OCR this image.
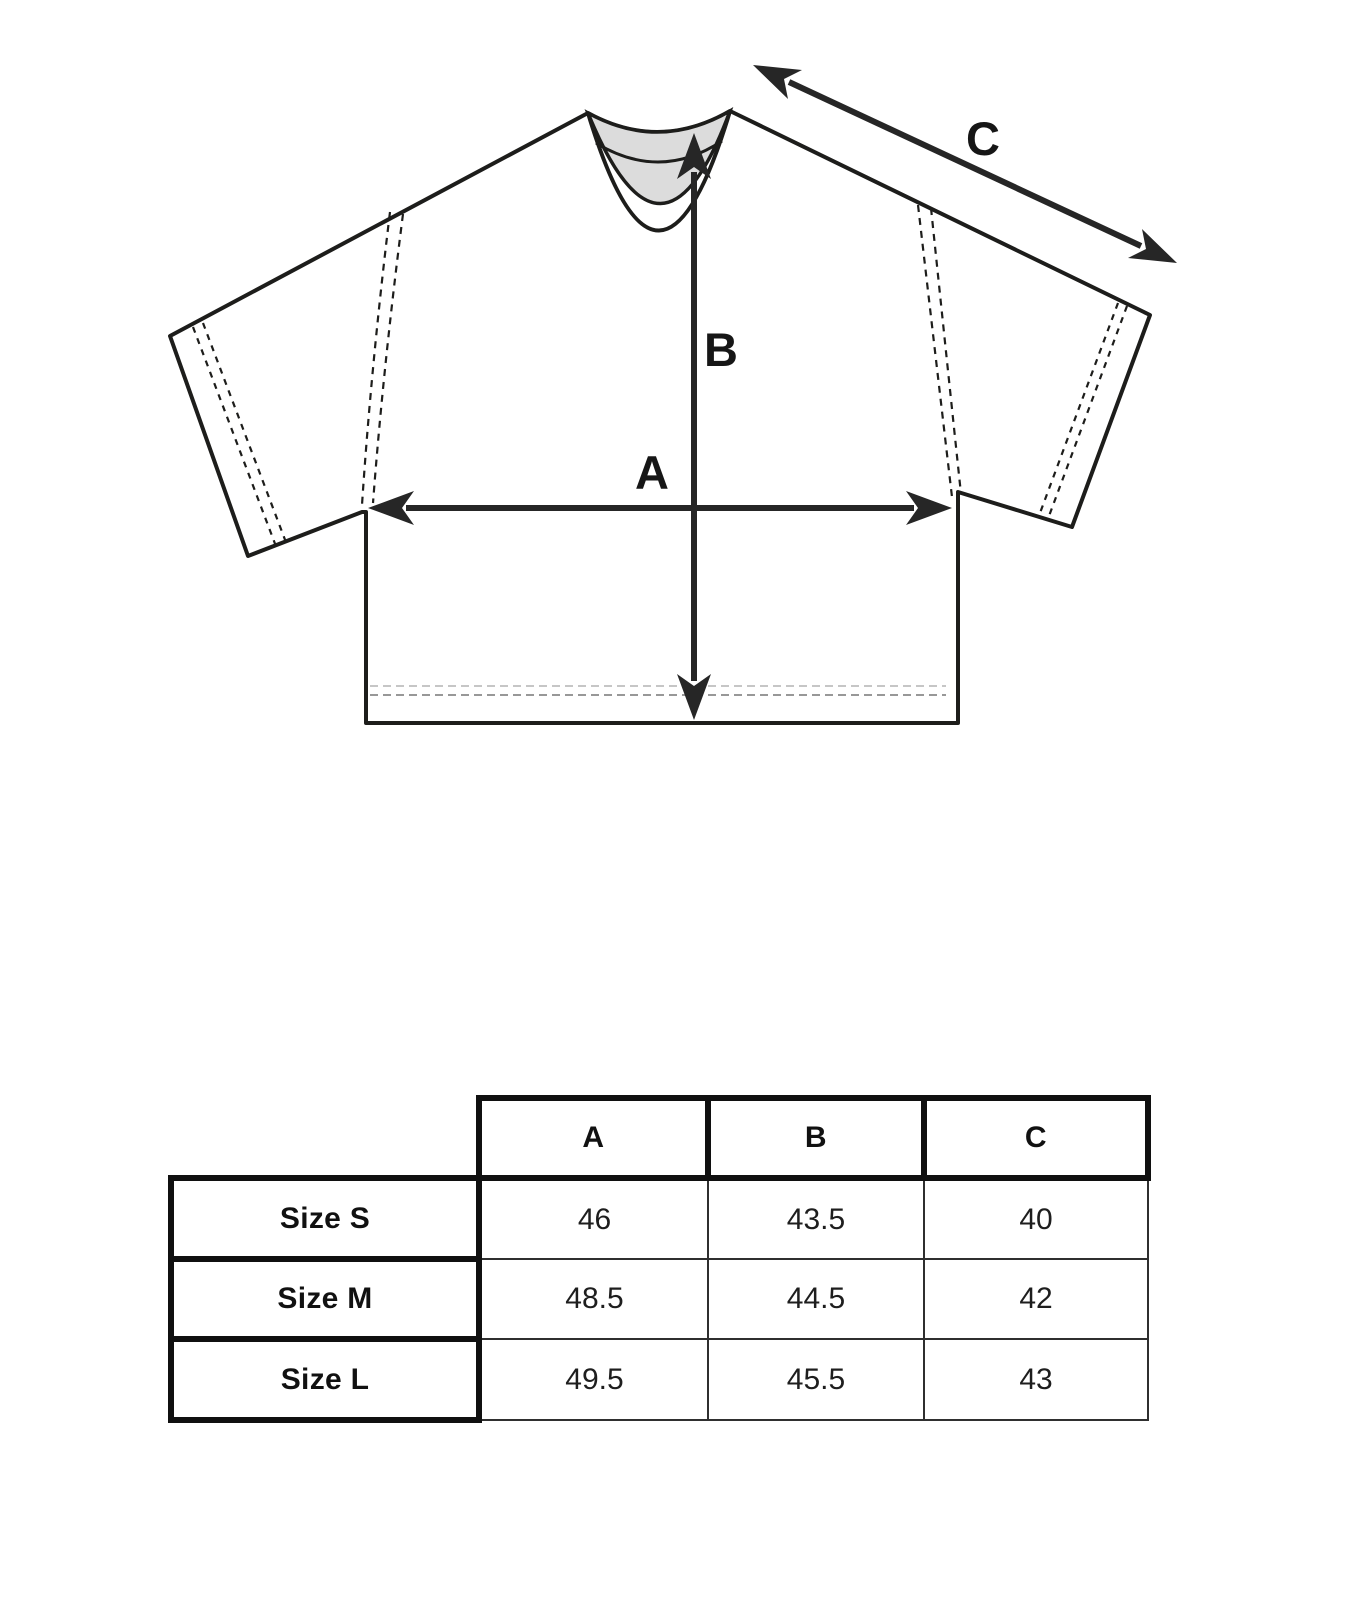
A
B
C
	A	B	C
Size S	46	43.5	40
Size M	48.5	44.5	42
Size L	49.5	45.5	43
